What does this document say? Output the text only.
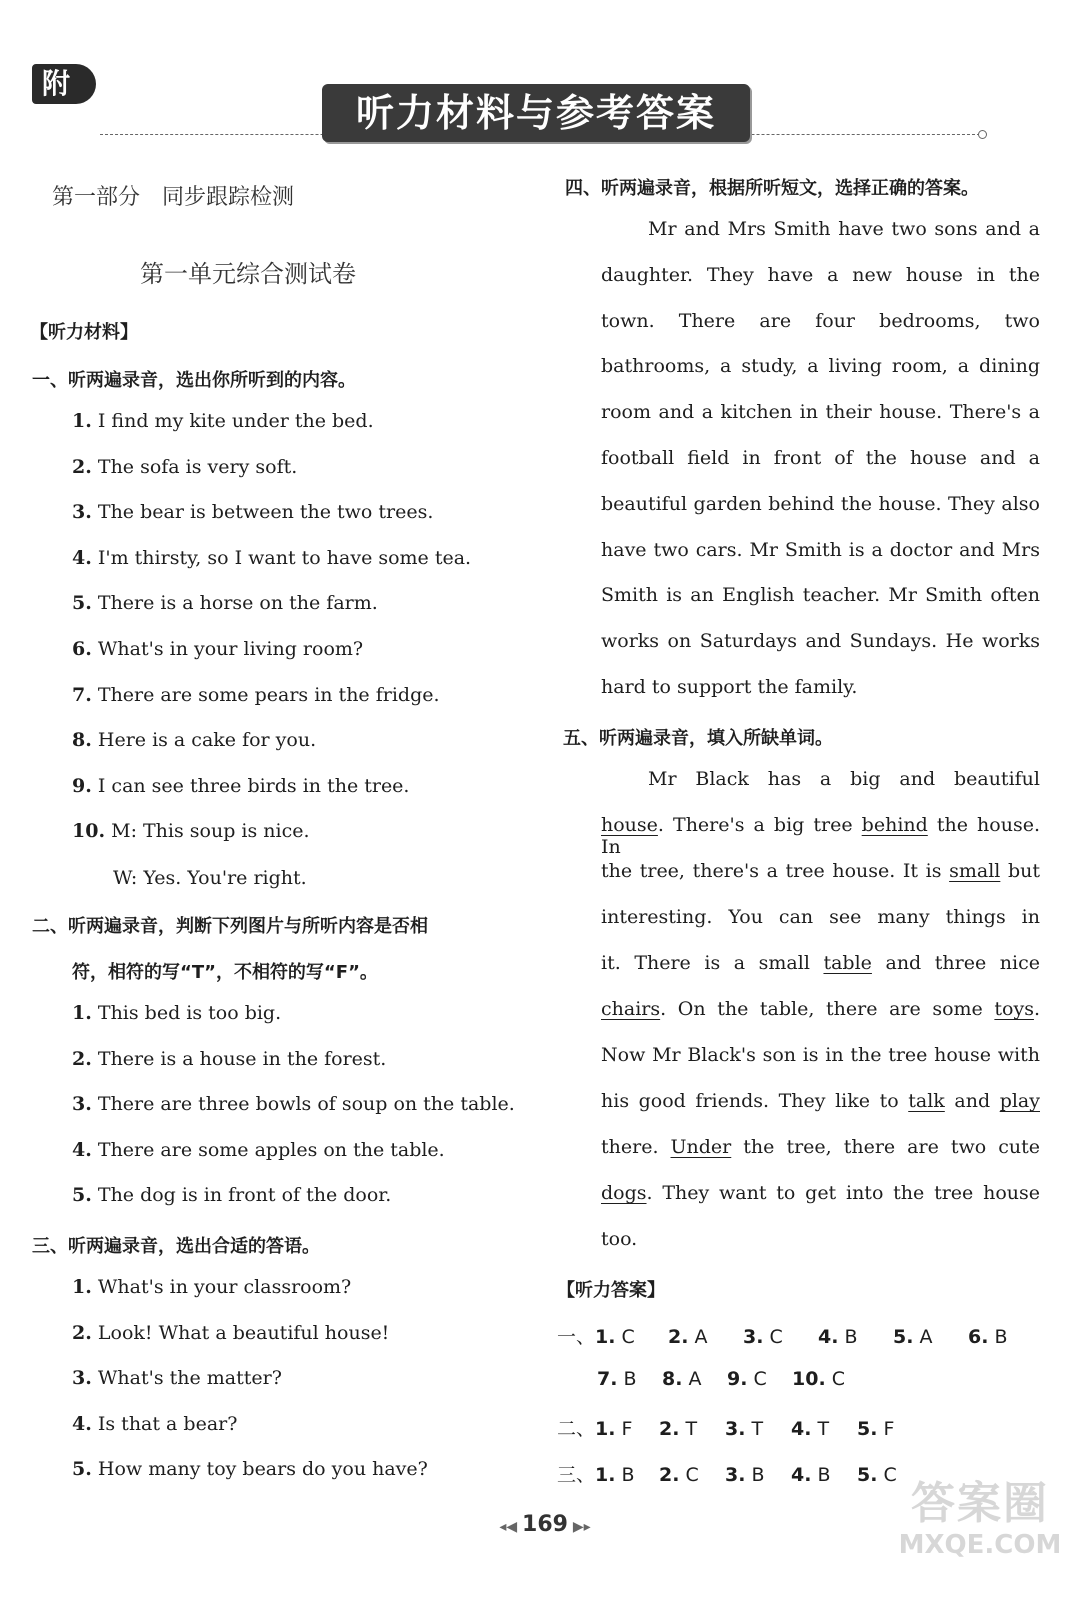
附
听力材料与参考答案
第一部分　同步跟踪检测
第一单元综合测试卷
【听力材料】
一、听两遍录音，选出你所听到的内容。
1. I find my kite under the bed.
2. The sofa is very soft.
3. The bear is between the two trees.
4. I'm thirsty, so I want to have some tea.
5. There is a horse on the farm.
6. What's in your living room?
7. There are some pears in the fridge.
8. Here is a cake for you.
9. I can see three birds in the tree.
10. M: This soup is nice.
W: Yes. You're right.
二、听两遍录音，判断下列图片与所听内容是否相
符，相符的写“T”，不相符的写“F”。
1. This bed is too big.
2. There is a house in the forest.
3. There are three bowls of soup on the table.
4. There are some apples on the table.
5. The dog is in front of the door.
三、听两遍录音，选出合适的答语。
1. What's in your classroom?
2. Look! What a beautiful house!
3. What's the matter?
4. Is that a bear?
5. How many toy bears do you have?
四、听两遍录音，根据所听短文，选择正确的答案。
Mr and Mrs Smith have two sons and a
daughter. They have a new house in the
town. There are four bedrooms, two
bathrooms, a study, a living room, a dining
room and a kitchen in their house. There's a
football field in front of the house and a
beautiful garden behind the house. They also
have two cars. Mr Smith is a doctor and Mrs
Smith is an English teacher. Mr Smith often
works on Saturdays and Sundays. He works
hard to support the family.
五、听两遍录音，填入所缺单词。
Mr Black has a big and beautiful
house. There's a big tree behind the house. In
the tree, there's a tree house. It is small but
interesting. You can see many things in
it. There is a small table and three nice
chairs. On the table, there are some toys.
Now Mr Black's son is in the tree house with
his good friends. They like to talk and play
there. Under the tree, there are two cute
dogs. They want to get into the tree house
too.
【听力答案】
一、1. C 2. A 3. C 4. B 5. A 6. B
7. B 8. A 9. C 10. C
二、1. F 2. T 3. T 4. T 5. F
三、1. B 2. C 3. B 4. B 5. C
◂◀ 169 ▶▸	答案圈
MXQE.COM
